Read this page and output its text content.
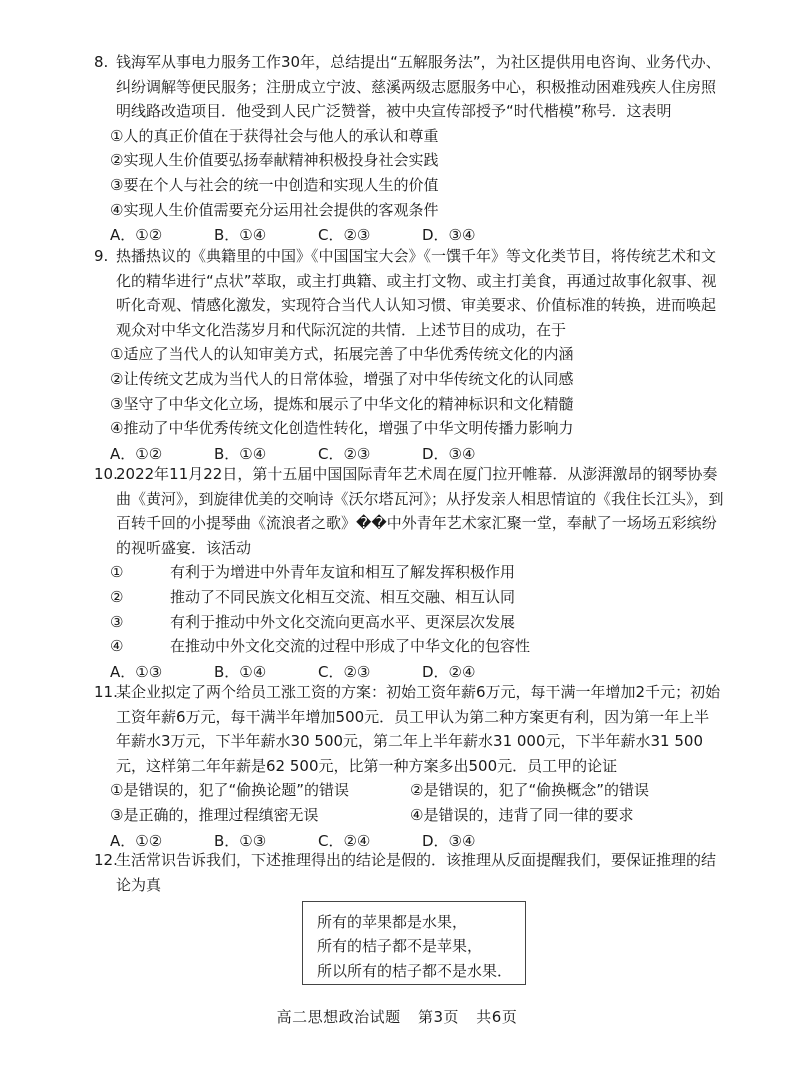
8. 钱海军从事电力服务工作30年，总结提出“五解服务法”，为社区提供用电咨询、业务代办、纠纷调解等便民服务；注册成立宁波、慈溪两级志愿服务中心，积极推动困难残疾人住房照明线路改造项目．他受到人民广泛赞誉，被中央宣传部授予“时代楷模”称号．这表明
①人的真正价值在于获得社会与他人的承认和尊重
②实现人生价值要弘扬奉献精神积极投身社会实践
③要在个人与社会的统一中创造和实现人生的价值
④实现人生价值需要充分运用社会提供的客观条件
A．①②	B．①④	C．②③	D．③④
9. 热播热议的《典籍里的中国》《中国国宝大会》《一馔千年》等文化类节目，将传统艺术和文化的精华进行“点状”萃取，或主打典籍、或主打文物、或主打美食，再通过故事化叙事、视听化奇观、情感化激发，实现符合当代人认知习惯、审美要求、价值标准的转换，进而唤起观众对中华文化浩荡岁月和代际沉淀的共情．上述节目的成功，在于
①适应了当代人的认知审美方式，拓展完善了中华优秀传统文化的内涵
②让传统文艺成为当代人的日常体验，增强了对中华传统文化的认同感
③坚守了中华文化立场，提炼和展示了中华文化的精神标识和文化精髓
④推动了中华优秀传统文化创造性转化，增强了中华文明传播力影响力
A．①②	B．①④	C．②③	D．③④
10.2022年11月22日，第十五届中国国际青年艺术周在厦门拉开帷幕．从澎湃激昂的钢琴协奏曲《黄河》，到旋律优美的交响诗《沃尔塔瓦河》；从抒发亲人相思情谊的《我住长江头》，到百转千回的小提琴曲《流浪者之歌》��中外青年艺术家汇聚一堂，奉献了一场场五彩缤纷的视听盛宴．该活动
①	有利于为增进中外青年友谊和相互了解发挥积极作用
②	推动了不同民族文化相互交流、相互交融、相互认同
③	有利于推动中外文化交流向更高水平、更深层次发展
④	在推动中外文化交流的过程中形成了中华文化的包容性
A．①③	B．①④	C．②③	D．②④
11.某企业拟定了两个给员工涨工资的方案：初始工资年薪6万元，每干满一年增加2千元；初始工资年薪6万元，每干满半年增加500元．员工甲认为第二种方案更有利，因为第一年上半年薪水3万元，下半年薪水30 500元，第二年上半年薪水31 000元，下半年薪水31 500元，这样第二年年薪是62 500元，比第一种方案多出500元．员工甲的论证
①是错误的，犯了“偷换论题”的错误	②是错误的，犯了“偷换概念”的错误
③是正确的，推理过程缜密无误	④是错误的，违背了同一律的要求
A．①②	B．①③	C．②④	D．③④
12.生活常识告诉我们，下述推理得出的结论是假的．该推理从反面提醒我们，要保证推理的结论为真
所有的苹果都是水果，
所有的桔子都不是苹果，
所以所有的桔子都不是水果．
高二思想政治试题 第3页 共6页
